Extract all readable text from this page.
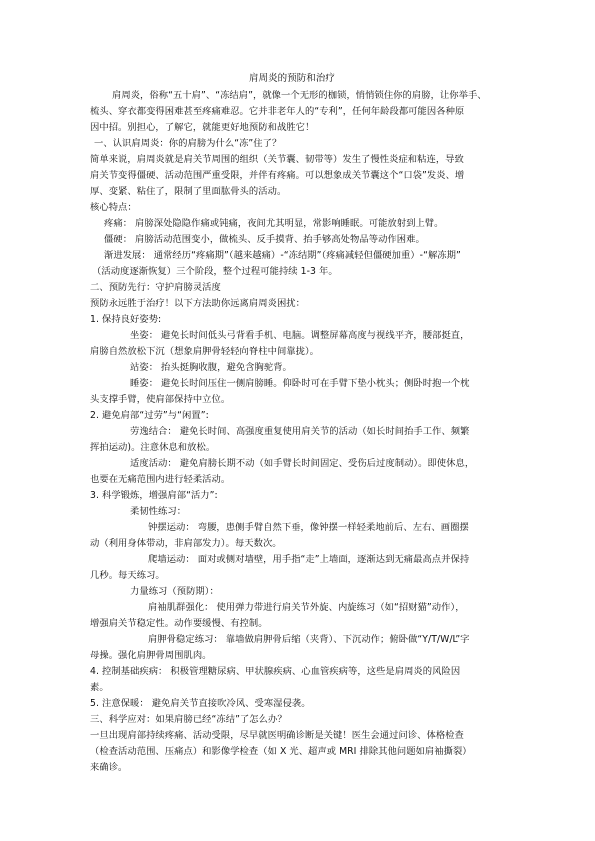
肩周炎的预防和治疗
肩周炎，俗称“五十肩”、“冻结肩”，就像一个无形的枷锁，悄悄锁住你的肩膀，让你举手、
梳头、穿衣都变得困难甚至疼痛难忍。它并非老年人的“专利”，任何年龄段都可能因各种原
因中招。别担心，了解它，就能更好地预防和战胜它！
一、认识肩周炎：你的肩膀为什么“冻”住了？
简单来说，肩周炎就是肩关节周围的组织（关节囊、韧带等）发生了慢性炎症和粘连，导致
肩关节变得僵硬、活动范围严重受限，并伴有疼痛。可以想象成关节囊这个“口袋”发炎、增
厚、变紧、粘住了，限制了里面肱骨头的活动。
核心特点：
疼痛： 肩膀深处隐隐作痛或钝痛，夜间尤其明显，常影响睡眠。可能放射到上臂。
僵硬： 肩膀活动范围变小，做梳头、反手摸背、抬手够高处物品等动作困难。
渐进发展： 通常经历“疼痛期”（越来越痛）-“冻结期”（疼痛减轻但僵硬加重）-“解冻期”
（活动度逐渐恢复）三个阶段，整个过程可能持续 1-3 年。
二、预防先行：守护肩膀灵活度
预防永远胜于治疗！以下方法助你远离肩周炎困扰：
1. 保持良好姿势:
坐姿： 避免长时间低头弓背看手机、电脑。调整屏幕高度与视线平齐，腰部挺直，
肩膀自然放松下沉（想象肩胛骨轻轻向脊柱中间靠拢）。
站姿： 抬头挺胸收腹，避免含胸驼背。
睡姿： 避免长时间压住一侧肩膀睡。仰卧时可在手臂下垫小枕头；侧卧时抱一个枕
头支撑手臂，使肩部保持中立位。
2. 避免肩部“过劳”与“闲置”:
劳逸结合： 避免长时间、高强度重复使用肩关节的活动（如长时间抬手工作、频繁
挥拍运动)。注意休息和放松。
适度活动： 避免肩膀长期不动（如手臂长时间固定、受伤后过度制动）。即使休息，
也要在无痛范围内进行轻柔活动。
3. 科学锻炼，增强肩部“活力”:
柔韧性练习：
钟摆运动： 弯腰，患侧手臂自然下垂，像钟摆一样轻柔地前后、左右、画圈摆
动（利用身体带动，非肩部发力）。每天数次。
爬墙运动： 面对或侧对墙壁，用手指“走”上墙面，逐渐达到无痛最高点并保持
几秒。每天练习。
力量练习（预防期）：
肩袖肌群强化： 使用弹力带进行肩关节外旋、内旋练习（如“招财猫”动作），
增强肩关节稳定性。动作要缓慢、有控制。
肩胛骨稳定练习： 靠墙做肩胛骨后缩（夹背）、下沉动作；俯卧做“Y/T/W/L”字
母操。强化肩胛骨周围肌肉。
4. 控制基础疾病： 积极管理糖尿病、甲状腺疾病、心血管疾病等，这些是肩周炎的风险因
素。
5. 注意保暖： 避免肩关节直接吹冷风、受寒湿侵袭。
三、科学应对：如果肩膀已经“冻结”了怎么办？
一旦出现肩部持续疼痛、活动受限，尽早就医明确诊断是关键！医生会通过问诊、体格检查
（检查活动范围、压痛点）和影像学检查（如 X 光、超声或 MRI 排除其他问题如肩袖撕裂）
来确诊。
